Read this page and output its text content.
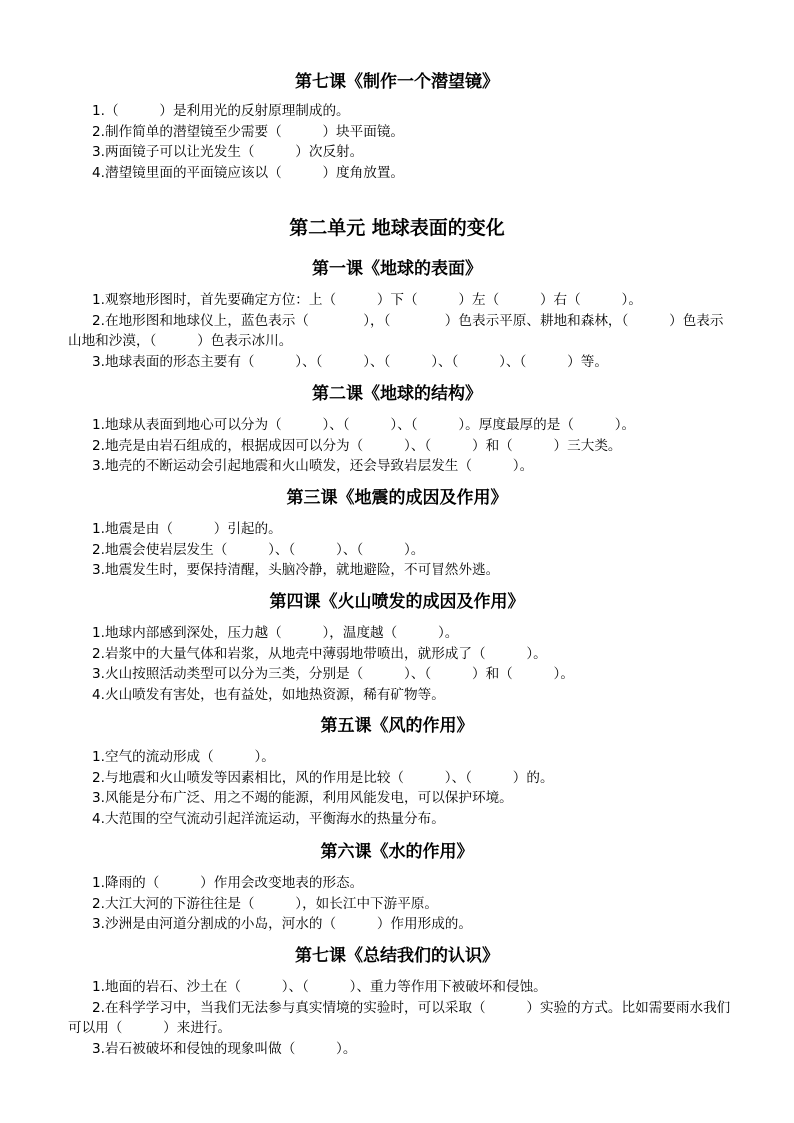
第七课《制作一个潜望镜》

1.（　　　）是利用光的反射原理制成的。

2.制作简单的潜望镜至少需要（　　　）块平面镜。

3.两面镜子可以让光发生（　　　）次反射。

4.潜望镜里面的平面镜应该以（　　　）度角放置。

第二单元 地球表面的变化
第一课《地球的表面》

1.观察地形图时，首先要确定方位：上（　　　）下（　　　）左（　　　）右（　　　）。

2.在地形图和地球仪上，蓝色表示（　　　　），（　　　　）色表示平原、耕地和森林，（　　　）色表示山地和沙漠，（　　　）色表示冰川。

3.地球表面的形态主要有（　　　）、（　　　）、（　　　）、（　　　）、（　　　）等。

第二课《地球的结构》

1.地球从表面到地心可以分为（　　　）、（　　　）、（　　　）。厚度最厚的是（　　　）。

2.地壳是由岩石组成的，根据成因可以分为（　　　）、（　　　）和（　　　）三大类。

3.地壳的不断运动会引起地震和火山喷发，还会导致岩层发生（　　　）。

第三课《地震的成因及作用》

1.地震是由（　　　）引起的。

2.地震会使岩层发生（　　　）、（　　　）、（　　　）。

3.地震发生时，要保持清醒，头脑冷静，就地避险，不可冒然外逃。

第四课《火山喷发的成因及作用》

1.地球内部感到深处，压力越（　　　），温度越（　　　）。

2.岩浆中的大量气体和岩浆，从地壳中薄弱地带喷出，就形成了（　　　）。

3.火山按照活动类型可以分为三类，分别是（　　　）、（　　　）和（　　　）。

4.火山喷发有害处，也有益处，如地热资源，稀有矿物等。

第五课《风的作用》

1.空气的流动形成（　　　）。

2.与地震和火山喷发等因素相比，风的作用是比较（　　　）、（　　　）的。

3.风能是分布广泛、用之不竭的能源，利用风能发电，可以保护环境。

4.大范围的空气流动引起洋流运动，平衡海水的热量分布。

第六课《水的作用》

1.降雨的（　　　）作用会改变地表的形态。

2.大江大河的下游往往是（　　　），如长江中下游平原。

3.沙洲是由河道分割成的小岛，河水的（　　　）作用形成的。

第七课《总结我们的认识》

1.地面的岩石、沙土在（　　　）、（　　　）、重力等作用下被破坏和侵蚀。

2.在科学学习中，当我们无法参与真实情境的实验时，可以采取（　　　）实验的方式。比如需要雨水我们可以用（　　　）来进行。

3.岩石被破坏和侵蚀的现象叫做（　　　）。
